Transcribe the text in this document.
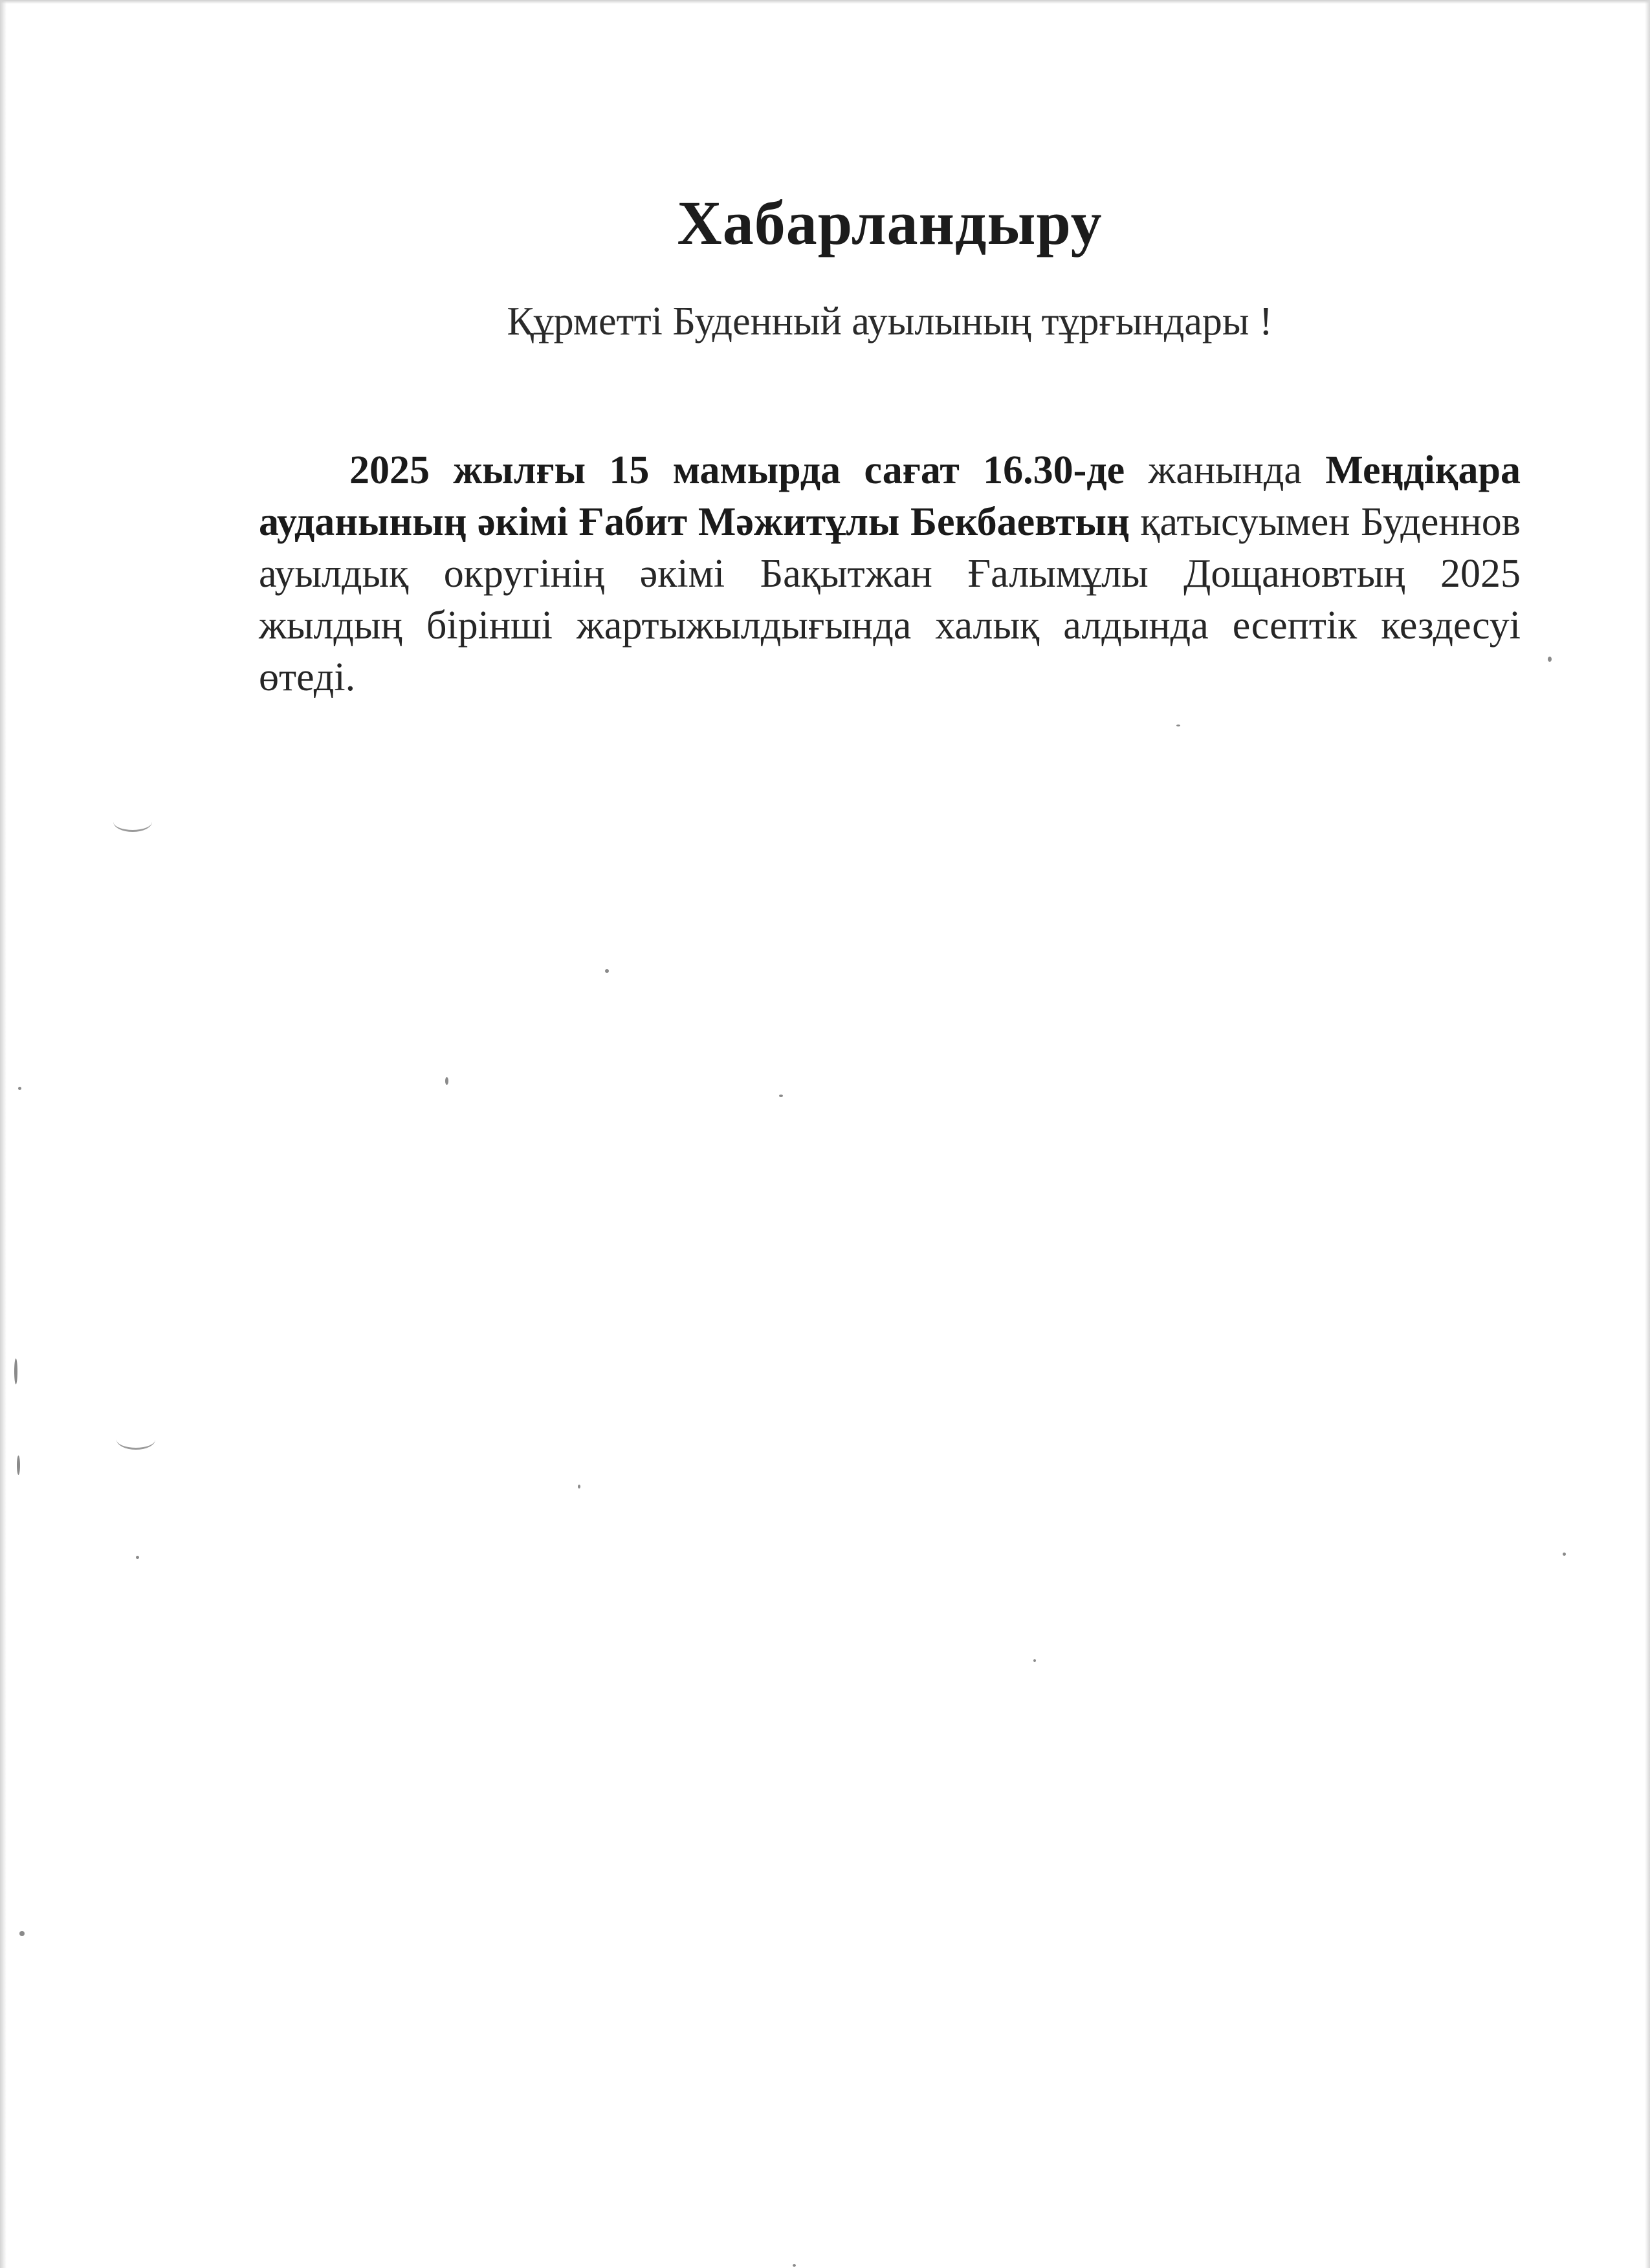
Хабарландыру
Құрметті Буденный ауылының тұрғындары !

2025 жылғы 15 мамырда сағат 16.30-де жанында Меңдіқара ауданының әкімі Ғабит Мәжитұлы Бекбаевтың қатысуымен Буденнов ауылдық округінің әкімі Бақытжан Ғалымұлы Дощановтың 2025 жылдың бірінші жартыжылдығында халық алдында есептік кездесуі өтеді.
